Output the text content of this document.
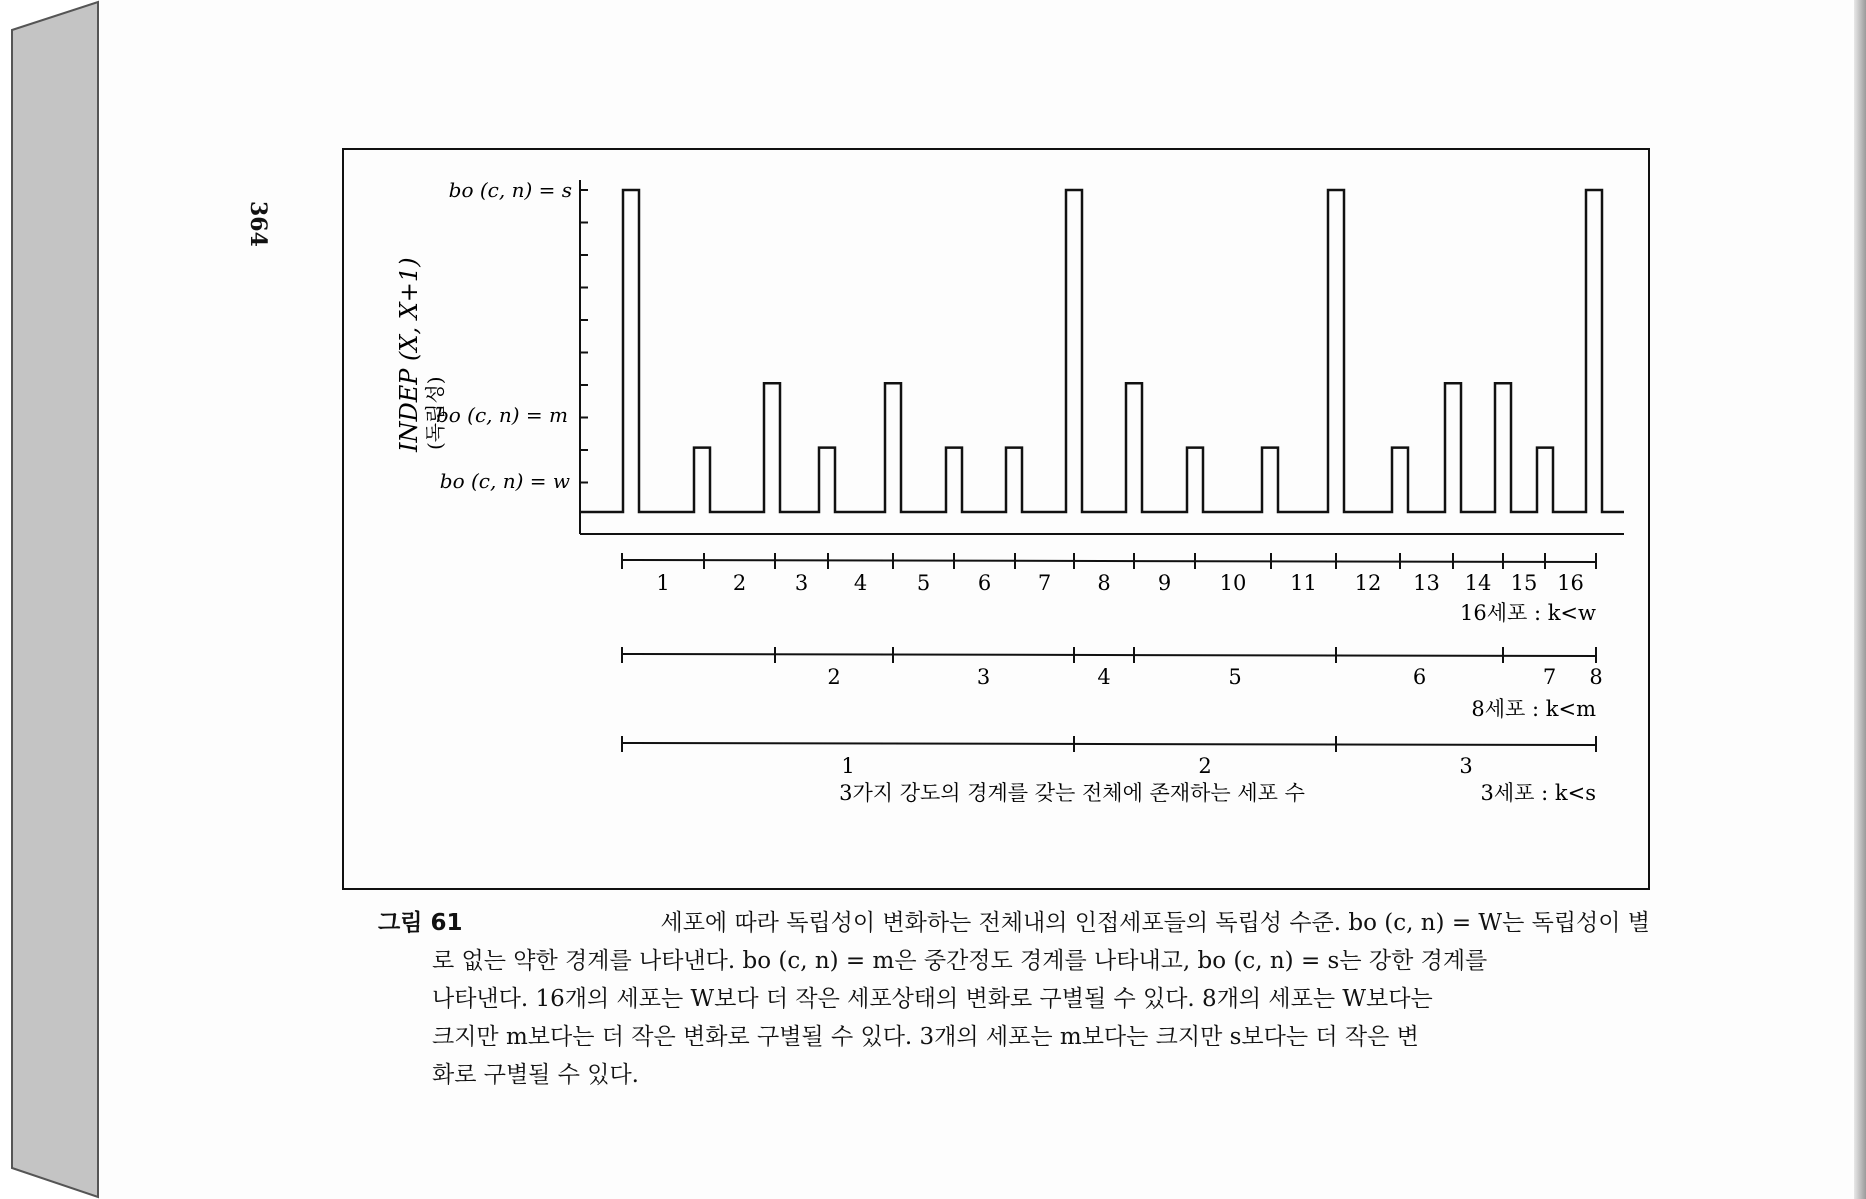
364
1	2 3 4 5 6 7 8 9 10 11 12 13 14 15 16
16세포 : k<w
2	3	4	5	6	7 8
8세포 : k<m
1	2	3
3세포 : k<s
INDEP (X, X+1) (독립성)
bo (c, n) = s
bo (c, n) = m
bo (c, n) = w
3가지 강도의 경계를 갖는 전체에 존재하는 세포 수
그림 61	세포에 따라 독립성이 변화하는 전체내의 인접세포들의 독립성 수준. bo (c, n) = W는 독립성이 별
로 없는 약한 경계를 나타낸다. bo (c, n) = m은 중간정도 경계를 나타내고, bo (c, n) = s는 강한 경계를
나타낸다. 16개의 세포는 W보다 더 작은 세포상태의 변화로 구별될 수 있다. 8개의 세포는 W보다는
크지만 m보다는 더 작은 변화로 구별될 수 있다. 3개의 세포는 m보다는 크지만 s보다는 더 작은 변
화로 구별될 수 있다.
